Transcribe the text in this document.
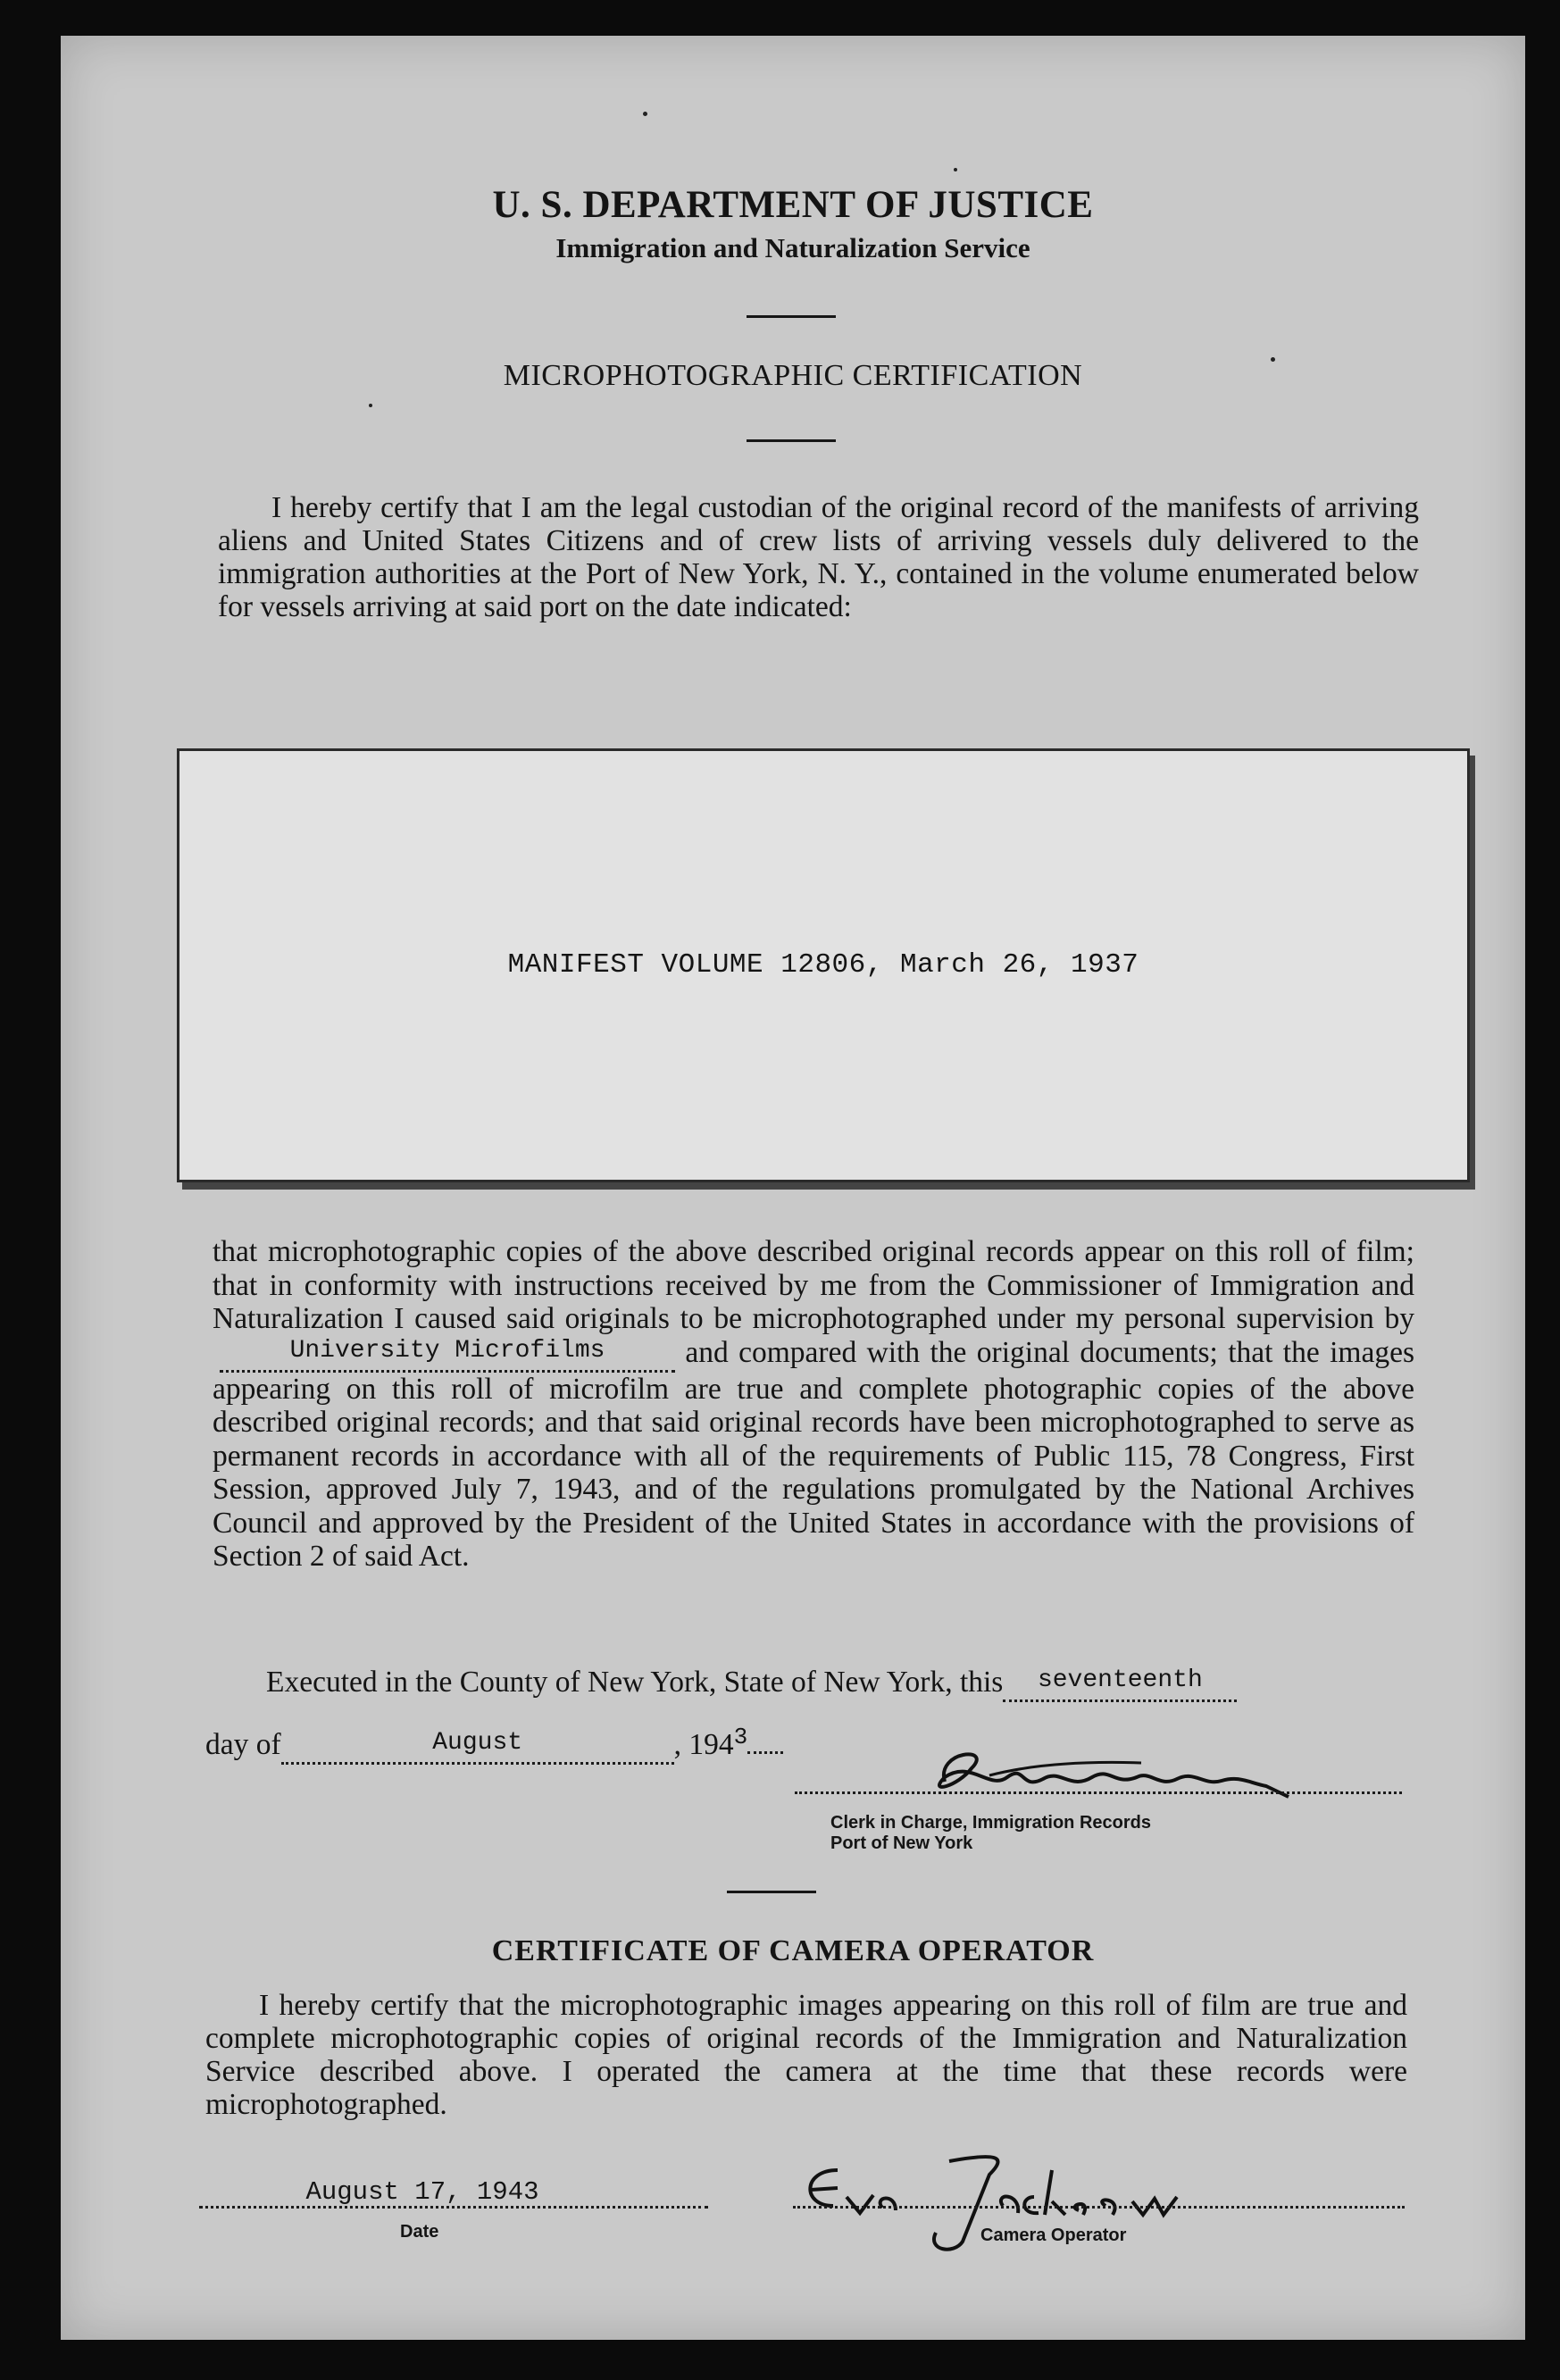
U. S. DEPARTMENT OF JUSTICE
Immigration and Naturalization Service
MICROPHOTOGRAPHIC CERTIFICATION

I hereby certify that I am the legal custodian of the original record of the manifests of arriving aliens and United States Citizens and of crew lists of arriving vessels duly delivered to the immigration authorities at the Port of New York, N. Y., contained in the volume enumerated below for vessels arriving at said port on the date indicated:

MANIFEST VOLUME 12806, March 26, 1937

that microphotographic copies of the above described original records appear on this roll of film; that in conformity with instructions received by me from the Commissioner of Immigration and Naturalization I caused said originals to be microphotographed under my personal supervision byUniversity Microfilms	and compared with the original documents; that the images appearing on this roll of microfilm are true and complete photographic copies of the above described original records; and that said original records have been microphotographed to serve as permanent records in accordance with all of the requirements of Public 115, 78 Congress, First Session, approved July 7, 1943, and of the regulations promulgated by the National Archives Council and approved by the President of the United States in accordance with the provisions of Section 2 of said Act.

Executed in the County of New York, State of New York, this seventeenth
day of	August	, $194^3$
Clerk in Charge, Immigration Records
Port of New York
CERTIFICATE OF CAMERA OPERATOR

I hereby certify that the microphotographic images appearing on this roll of film are true and complete microphotographic copies of original records of the Immigration and Naturalization Service described above. I operated the camera at the time that these records were microphotographed.

August 17, 1943
Date	Camera Operator
